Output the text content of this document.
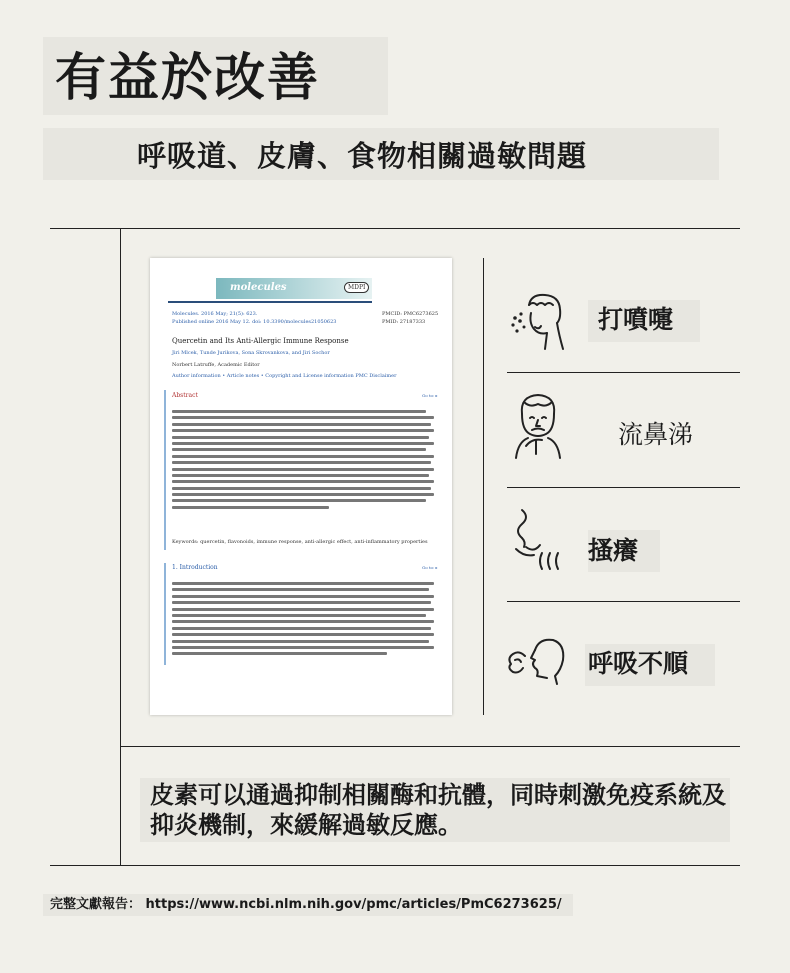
有益於改善
呼吸道、皮膚、食物相關過敏問題
molecules	MDPI
Molecules. 2016 May; 21(5): 623.
Published online 2016 May 12. doi: 10.3390/molecules21050623
PMCID: PMC6273625
PMID: 27187333
Quercetin and Its Anti-Allergic Immune Response
Jiri Mlcek, Tunde Jurikova, Sona Skrovankova, and Jiri Sochor
Norbert Latruffe, Academic Editor
Author information • Article notes • Copyright and License information PMC Disclaimer
Abstract	Go to: ▸
Keywords: quercetin, flavonoids, immune response, anti-allergic effect, anti-inflammatory properties
1. Introduction	Go to: ▸
打噴嚏
流鼻涕
搔癢
呼吸不順
皮素可以通過抑制相關酶和抗體，同時刺激免疫系統及抑炎機制，來緩解過敏反應。
完整文獻報告： https://www.ncbi.nlm.nih.gov/pmc/articles/PmC6273625/
